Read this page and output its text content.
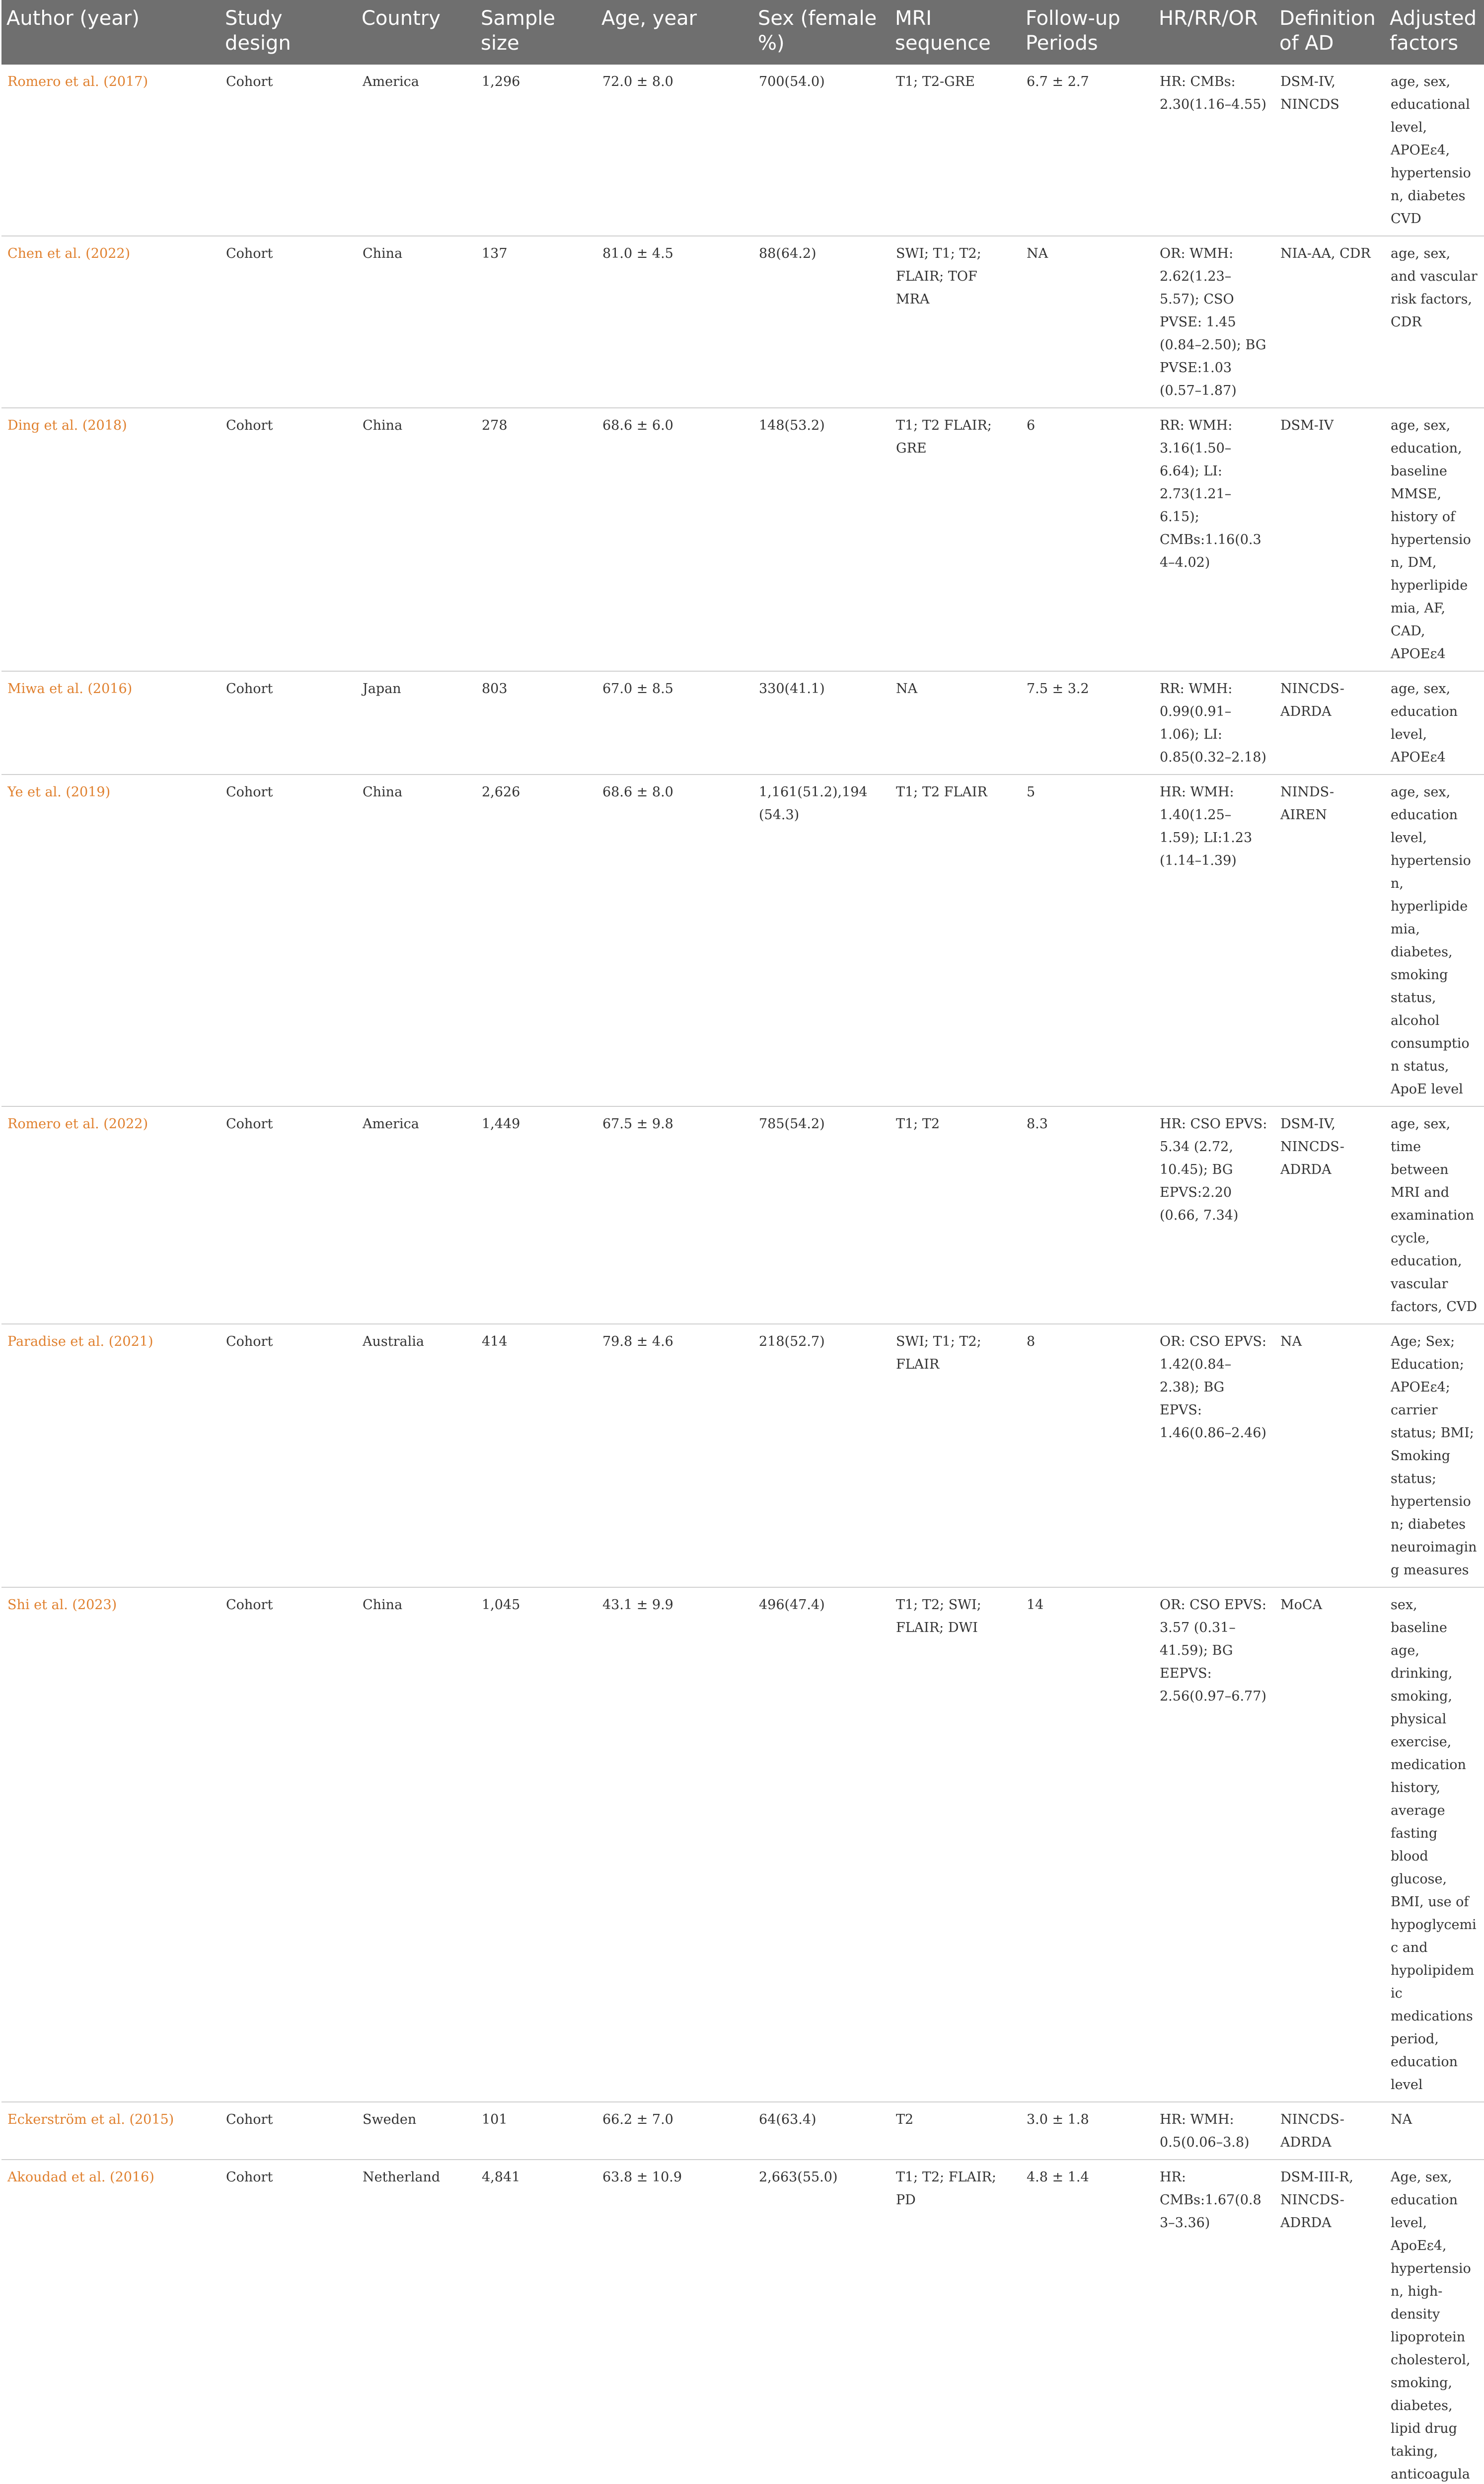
Author (year)	Study design	Country	Sample size	Age, year	Sex (female %)	MRI sequence	Follow-up Periods	HR/RR/OR	Definition of AD	Adjusted factors
Romero et al. (2017)	Cohort	America	1,296	72.0 ± 8.0	700(54.0)	T1; T2-GRE	6.7 ± 2.7	HR: CMBs: 2.30(1.16–4.55)	DSM-IV, NINCDS	age, sex, educational level, APOEε4, hypertension, diabetes CVD
Chen et al. (2022)	Cohort	China	137	81.0 ± 4.5	88(64.2)	SWI; T1; T2; FLAIR; TOF MRA	NA	OR: WMH: 2.62(1.23–5.57); CSO PVSE: 1.45 (0.84–2.50); BG PVSE:1.03 (0.57–1.87)	NIA-AA, CDR	age, sex, and vascular risk factors, CDR
Ding et al. (2018)	Cohort	China	278	68.6 ± 6.0	148(53.2)	T1; T2 FLAIR; GRE	6	RR: WMH: 3.16(1.50–6.64); LI: 2.73(1.21–6.15); CMBs:1.16(0.34–4.02)	DSM-IV	age, sex, education, baseline MMSE, history of hypertension, DM, hyperlipidemia, AF, CAD, APOEε4
Miwa et al. (2016)	Cohort	Japan	803	67.0 ± 8.5	330(41.1)	NA	7.5 ± 3.2	RR: WMH: 0.99(0.91–1.06); LI: 0.85(0.32–2.18)	NINCDS-ADRDA	age, sex, education level, APOEε4
Ye et al. (2019)	Cohort	China	2,626	68.6 ± 8.0	1,161(51.2),194 (54.3)	T1; T2 FLAIR	5	HR: WMH: 1.40(1.25–1.59); LI:1.23 (1.14–1.39)	NINDS-AIREN	age, sex, education level, hypertension, hyperlipidemia, diabetes, smoking status, alcohol consumption status, ApoE level
Romero et al. (2022)	Cohort	America	1,449	67.5 ± 9.8	785(54.2)	T1; T2	8.3	HR: CSO EPVS: 5.34 (2.72, 10.45); BG EPVS:2.20 (0.66, 7.34)	DSM-IV, NINCDS-ADRDA	age, sex, time between MRI and examination cycle, education, vascular factors, CVD
Paradise et al. (2021)	Cohort	Australia	414	79.8 ± 4.6	218(52.7)	SWI; T1; T2; FLAIR	8	OR: CSO EPVS: 1.42(0.84–2.38); BG EPVS: 1.46(0.86–2.46)	NA	Age; Sex; Education; APOEε4; carrier status; BMI; Smoking status; hypertension; diabetes neuroimaging measures
Shi et al. (2023)	Cohort	China	1,045	43.1 ± 9.9	496(47.4)	T1; T2; SWI; FLAIR; DWI	14	OR: CSO EPVS: 3.57 (0.31–41.59); BG EEPVS: 2.56(0.97–6.77)	MoCA	sex, baseline age, drinking, smoking, physical exercise, medication history, average fasting blood glucose, BMI, use of hypoglycemic and hypolipidemic medications period, education level
Eckerström et al. (2015)	Cohort	Sweden	101	66.2 ± 7.0	64(63.4)	T2	3.0 ± 1.8	HR: WMH: 0.5(0.06–3.8)	NINCDS-ADRDA	NA
Akoudad et al. (2016)	Cohort	Netherland	4,841	63.8 ± 10.9	2,663(55.0)	T1; T2; FLAIR; PD	4.8 ± 1.4	HR: CMBs:1.67(0.83–3.36)	DSM-III-R, NINCDS-ADRDA	Age, sex, education level, ApoEε4, hypertension, high-density lipoprotein cholesterol, smoking, diabetes, lipid drug taking, anticoagula
